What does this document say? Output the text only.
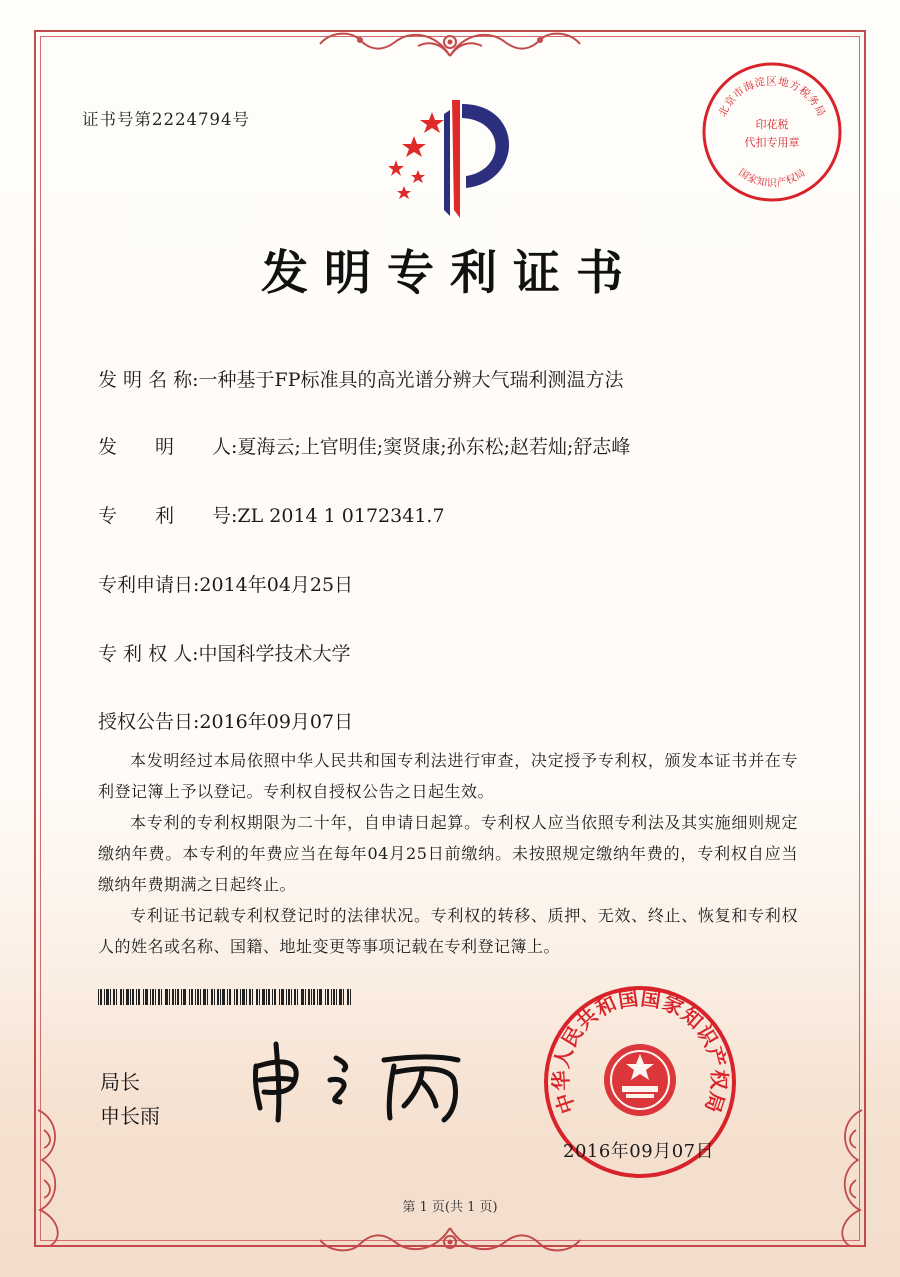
证书号第2224794号
发明专利证书
发 明 名 称:一种基于FP标准具的高光谱分辨大气瑞利测温方法
发　　明　　人:夏海云;上官明佳;窦贤康;孙东松;赵若灿;舒志峰
专　　利　　号:ZL 2014 1 0172341.7
专利申请日:2014年04月25日
专 利 权 人:中国科学技术大学
授权公告日:2016年09月07日

本发明经过本局依照中华人民共和国专利法进行审查，决定授予专利权，颁发本证书并在专利登记簿上予以登记。专利权自授权公告之日起生效。

本专利的专利权期限为二十年，自申请日起算。专利权人应当依照专利法及其实施细则规定缴纳年费。本专利的年费应当在每年04月25日前缴纳。未按照规定缴纳年费的，专利权自应当缴纳年费期满之日起终止。

专利证书记载专利权登记时的法律状况。专利权的转移、质押、无效、终止、恢复和专利权人的姓名或名称、国籍、地址变更等事项记载在专利登记簿上。

局长
申长雨
第 1 页(共 1 页)
北京市海淀区地方税务局
印花税
代扣专用章
国家知识产权局
中华人民共和国国家知识产权局
2016年09月07日
